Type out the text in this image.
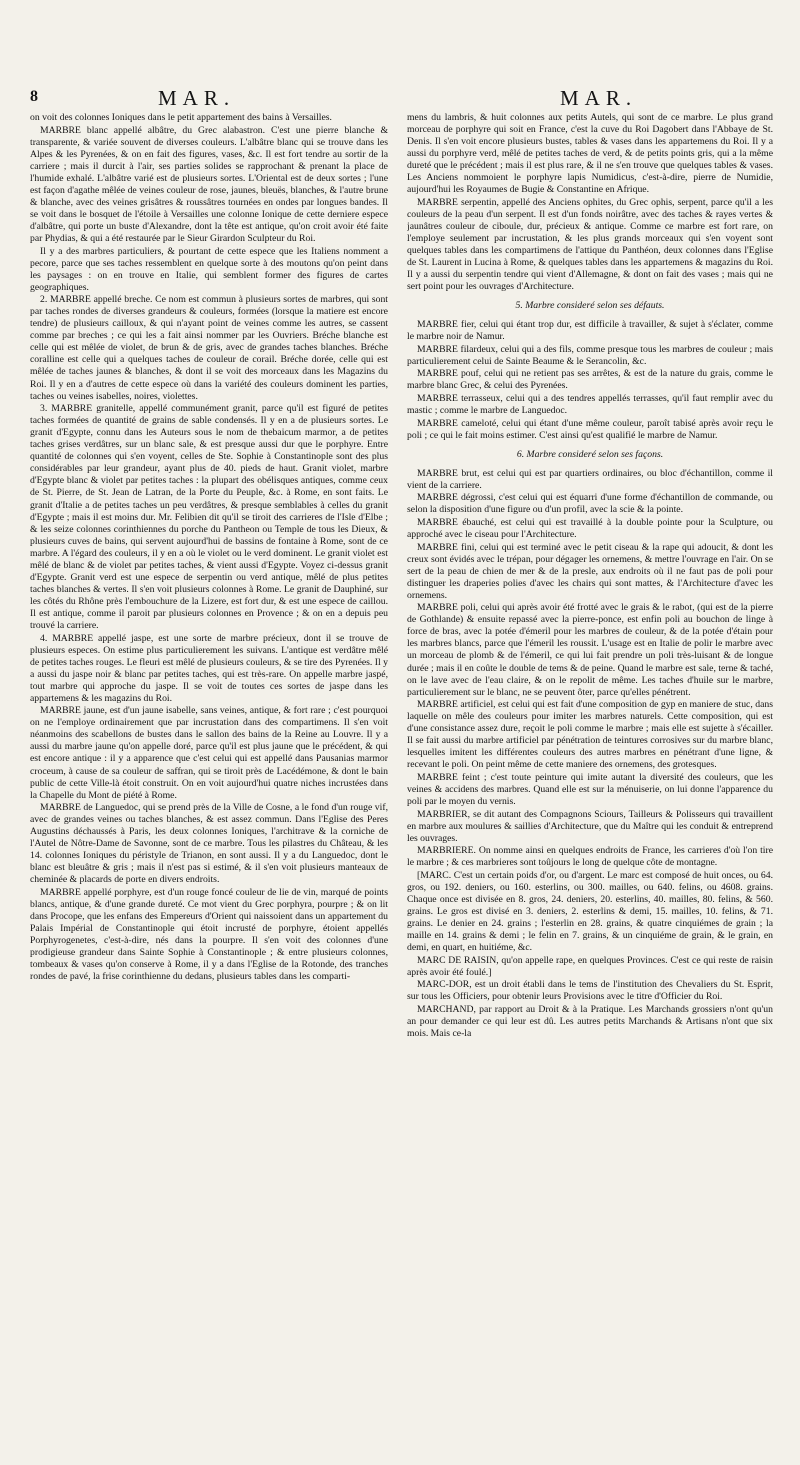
8	MAR.	MAR.

on voit des colonnes Ioniques dans le petit appartement des bains à Versailles.

MARBRE blanc appellé albâtre, du Grec alabastron. C'est une pierre blanche & transparente, & variée souvent de diverses couleurs. L'albâtre blanc qui se trouve dans les Alpes & les Pyrenées, & on en fait des figures, vases, &c. Il est fort tendre au sortir de la carriere ; mais il durcit à l'air, ses parties solides se rapprochant & prenant la place de l'humide exhalé. L'albâtre varié est de plusieurs sortes. L'Oriental est de deux sortes ; l'une est façon d'agathe mêlée de veines couleur de rose, jaunes, bleuës, blanches, & l'autre brune & blanche, avec des veines grisâtres & roussâtres tournées en ondes par longues bandes. Il se voit dans le bosquet de l'étoile à Versailles une colonne Ionique de cette derniere espece d'albâtre, qui porte un buste d'Alexandre, dont la tête est antique, qu'on croit avoir été faite par Phydias, & qui a été restaurée par le Sieur Girardon Sculpteur du Roi.

Il y a des marbres particuliers, & pourtant de cette espece que les Italiens nomment a pecore, parce que ses taches ressemblent en quelque sorte à des moutons qu'on peint dans les paysages : on en trouve en Italie, qui semblent former des figures de cartes geographiques.

2. MARBRE appellé breche. Ce nom est commun à plusieurs sortes de marbres, qui sont par taches rondes de diverses grandeurs & couleurs, formées (lorsque la matiere est encore tendre) de plusieurs cailloux, & qui n'ayant point de veines comme les autres, se cassent comme par breches ; ce qui les a fait ainsi nommer par les Ouvriers. Bréche blanche est celle qui est mêlée de violet, de brun & de gris, avec de grandes taches blanches. Bréche coralline est celle qui a quelques taches de couleur de corail. Bréche dorée, celle qui est mêlée de taches jaunes & blanches, & dont il se voit des morceaux dans les Magazins du Roi. Il y en a d'autres de cette espece où dans la variété des couleurs dominent les parties, taches ou veines isabelles, noires, violettes.

3. MARBRE granitelle, appellé communément granit, parce qu'il est figuré de petites taches formées de quantité de grains de sable condensés. Il y en a de plusieurs sortes. Le granit d'Egypte, connu dans les Auteurs sous le nom de thebaicum marmor, a de petites taches grises verdâtres, sur un blanc sale, & est presque aussi dur que le porphyre. Entre quantité de colonnes qui s'en voyent, celles de Ste. Sophie à Constantinople sont des plus considérables par leur grandeur, ayant plus de 40. pieds de haut. Granit violet, marbre d'Egypte blanc & violet par petites taches : la plupart des obélisques antiques, comme ceux de St. Pierre, de St. Jean de Latran, de la Porte du Peuple, &c. à Rome, en sont faits. Le granit d'Italie a de petites taches un peu verdâtres, & presque semblables à celles du granit d'Egypte ; mais il est moins dur. Mr. Felibien dit qu'il se tiroit des carrieres de l'Isle d'Elbe ; & les seize colonnes corinthiennes du porche du Pantheon ou Temple de tous les Dieux, & plusieurs cuves de bains, qui servent aujourd'hui de bassins de fontaine à Rome, sont de ce marbre. A l'égard des couleurs, il y en a où le violet ou le verd dominent. Le granit violet est mêlé de blanc & de violet par petites taches, & vient aussi d'Egypte. Voyez ci-dessus granit d'Egypte. Granit verd est une espece de serpentin ou verd antique, mêlé de plus petites taches blanches & vertes. Il s'en voit plusieurs colonnes à Rome. Le granit de Dauphiné, sur les côtés du Rhône près l'embouchure de la Lizere, est fort dur, & est une espece de caillou. Il est antique, comme il paroit par plusieurs colonnes en Provence ; & on en a depuis peu trouvé la carriere.

4. MARBRE appellé jaspe, est une sorte de marbre précieux, dont il se trouve de plusieurs especes. On estime plus particulierement les suivans. L'antique est verdâtre mêlé de petites taches rouges. Le fleuri est mêlé de plusieurs couleurs, & se tire des Pyrenées. Il y a aussi du jaspe noir & blanc par petites taches, qui est très-rare. On appelle marbre jaspé, tout marbre qui approche du jaspe. Il se voit de toutes ces sortes de jaspe dans les appartemens & les magazins du Roi.

MARBRE jaune, est d'un jaune isabelle, sans veines, antique, & fort rare ; c'est pourquoi on ne l'employe ordinairement que par incrustation dans des compartimens. Il s'en voit néanmoins des scabellons de bustes dans le sallon des bains de la Reine au Louvre. Il y a aussi du marbre jaune qu'on appelle doré, parce qu'il est plus jaune que le précédent, & qui est encore antique : il y a apparence que c'est celui qui est appellé dans Pausanias marmor croceum, à cause de sa couleur de saffran, qui se tiroit près de Lacédémone, & dont le bain public de cette Ville-là étoit construit. On en voit aujourd'hui quatre niches incrustées dans la Chapelle du Mont de piété à Rome.

MARBRE de Languedoc, qui se prend près de la Ville de Cosne, a le fond d'un rouge vif, avec de grandes veines ou taches blanches, & est assez commun. Dans l'Eglise des Peres Augustins déchaussés à Paris, les deux colonnes Ioniques, l'architrave & la corniche de l'Autel de Nôtre-Dame de Savonne, sont de ce marbre. Tous les pilastres du Château, & les 14. colonnes Ioniques du péristyle de Trianon, en sont aussi. Il y a du Languedoc, dont le blanc est bleuâtre & gris ; mais il n'est pas si estimé, & il s'en voit plusieurs manteaux de cheminée & placards de porte en divers endroits.

MARBRE appellé porphyre, est d'un rouge foncé couleur de lie de vin, marqué de points blancs, antique, & d'une grande dureté. Ce mot vient du Grec porphyra, pourpre ; & on lit dans Procope, que les enfans des Empereurs d'Orient qui naissoient dans un appartement du Palais Impérial de Constantinople qui étoit incrusté de porphyre, étoient appellés Porphyrogenetes, c'est-à-dire, nés dans la pourpre. Il s'en voit des colonnes d'une prodigieuse grandeur dans Sainte Sophie à Constantinople ; & entre plusieurs colonnes, tombeaux & vases qu'on conserve à Rome, il y a dans l'Eglise de la Rotonde, des tranches rondes de pavé, la frise corinthienne du dedans, plusieurs tables dans les comparti-

mens du lambris, & huit colonnes aux petits Autels, qui sont de ce marbre. Le plus grand morceau de porphyre qui soit en France, c'est la cuve du Roi Dagobert dans l'Abbaye de St. Denis. Il s'en voit encore plusieurs bustes, tables & vases dans les appartemens du Roi. Il y a aussi du porphyre verd, mêlé de petites taches de verd, & de petits points gris, qui a la même dureté que le précédent ; mais il est plus rare, & il ne s'en trouve que quelques tables & vases. Les Anciens nommoient le porphyre lapis Numidicus, c'est-à-dire, pierre de Numidie, aujourd'hui les Royaumes de Bugie & Constantine en Afrique.

MARBRE serpentin, appellé des Anciens ophites, du Grec ophis, serpent, parce qu'il a les couleurs de la peau d'un serpent. Il est d'un fonds noirâtre, avec des taches & rayes vertes & jaunâtres couleur de ciboule, dur, précieux & antique. Comme ce marbre est fort rare, on l'employe seulement par incrustation, & les plus grands morceaux qui s'en voyent sont quelques tables dans les compartimens de l'attique du Panthéon, deux colonnes dans l'Eglise de St. Laurent in Lucina à Rome, & quelques tables dans les appartemens & magazins du Roi. Il y a aussi du serpentin tendre qui vient d'Allemagne, & dont on fait des vases ; mais qui ne sert point pour les ouvrages d'Architecture.

5. Marbre consideré selon ses défauts.

MARBRE fier, celui qui étant trop dur, est difficile à travailler, & sujet à s'éclater, comme le marbre noir de Namur.

MARBRE filardeux, celui qui a des fils, comme presque tous les marbres de couleur ; mais particulierement celui de Sainte Beaume & le Serancolin, &c.

MARBRE pouf, celui qui ne retient pas ses arrêtes, & est de la nature du grais, comme le marbre blanc Grec, & celui des Pyrenées.

MARBRE terrasseux, celui qui a des tendres appellés terrasses, qu'il faut remplir avec du mastic ; comme le marbre de Languedoc.

MARBRE cameloté, celui qui étant d'une même couleur, paroît tabisé après avoir reçu le poli ; ce qui le fait moins estimer. C'est ainsi qu'est qualifié le marbre de Namur.

6. Marbre consideré selon ses façons.

MARBRE brut, est celui qui est par quartiers ordinaires, ou bloc d'échantillon, comme il vient de la carriere.

MARBRE dégrossi, c'est celui qui est équarri d'une forme d'échantillon de commande, ou selon la disposition d'une figure ou d'un profil, avec la scie & la pointe.

MARBRE ébauché, est celui qui est travaillé à la double pointe pour la Sculpture, ou approché avec le ciseau pour l'Architecture.

MARBRE fini, celui qui est terminé avec le petit ciseau & la rape qui adoucit, & dont les creux sont évidés avec le trépan, pour dégager les ornemens, & mettre l'ouvrage en l'air. On se sert de la peau de chien de mer & de la presle, aux endroits où il ne faut pas de poli pour distinguer les draperies polies d'avec les chairs qui sont mattes, & l'Architecture d'avec les ornemens.

MARBRE poli, celui qui après avoir été frotté avec le grais & le rabot, (qui est de la pierre de Gothlande) & ensuite repassé avec la pierre-ponce, est enfin poli au bouchon de linge à force de bras, avec la potée d'émeril pour les marbres de couleur, & de la potée d'étain pour les marbres blancs, parce que l'émeril les roussit. L'usage est en Italie de polir le marbre avec un morceau de plomb & de l'émeril, ce qui lui fait prendre un poli très-luisant & de longue durée ; mais il en coûte le double de tems & de peine. Quand le marbre est sale, terne & taché, on le lave avec de l'eau claire, & on le repolit de même. Les taches d'huile sur le marbre, particulierement sur le blanc, ne se peuvent ôter, parce qu'elles pénétrent.

MARBRE artificiel, est celui qui est fait d'une composition de gyp en maniere de stuc, dans laquelle on mêle des couleurs pour imiter les marbres naturels. Cette composition, qui est d'une consistance assez dure, reçoit le poli comme le marbre ; mais elle est sujette à s'écailler. Il se fait aussi du marbre artificiel par pénétration de teintures corrosives sur du marbre blanc, lesquelles imitent les différentes couleurs des autres marbres en pénétrant d'une ligne, & recevant le poli. On peint même de cette maniere des ornemens, des grotesques.

MARBRE feint ; c'est toute peinture qui imite autant la diversité des couleurs, que les veines & accidens des marbres. Quand elle est sur la ménuiserie, on lui donne l'apparence du poli par le moyen du vernis.

MARBRIER, se dit autant des Compagnons Sciours, Tailleurs & Polisseurs qui travaillent en marbre aux moulures & saillies d'Architecture, que du Maître qui les conduit & entreprend les ouvrages.

MARBRIERE. On nomme ainsi en quelques endroits de France, les carrieres d'où l'on tire le marbre ; & ces marbrieres sont toûjours le long de quelque côte de montagne.

[MARC. C'est un certain poids d'or, ou d'argent. Le marc est composé de huit onces, ou 64. gros, ou 192. deniers, ou 160. esterlins, ou 300. mailles, ou 640. felins, ou 4608. grains. Chaque once est divisée en 8. gros, 24. deniers, 20. esterlins, 40. mailles, 80. felins, & 560. grains. Le gros est divisé en 3. deniers, 2. esterlins & demi, 15. mailles, 10. felins, & 71. grains. Le denier en 24. grains ; l'esterlin en 28. grains, & quatre cinquiémes de grain ; la maille en 14. grains & demi ; le felin en 7. grains, & un cinquiéme de grain, & le grain, en demi, en quart, en huitiéme, &c.

MARC DE RAISIN, qu'on appelle rape, en quelques Provinces. C'est ce qui reste de raisin après avoir été foulé.]

MARC-DOR, est un droit établi dans le tems de l'institution des Chevaliers du St. Esprit, sur tous les Officiers, pour obtenir leurs Provisions avec le titre d'Officier du Roi.

MARCHAND, par rapport au Droit & à la Pratique. Les Marchands grossiers n'ont qu'un an pour demander ce qui leur est dû. Les autres petits Marchands & Artisans n'ont que six mois. Mais ce-la
